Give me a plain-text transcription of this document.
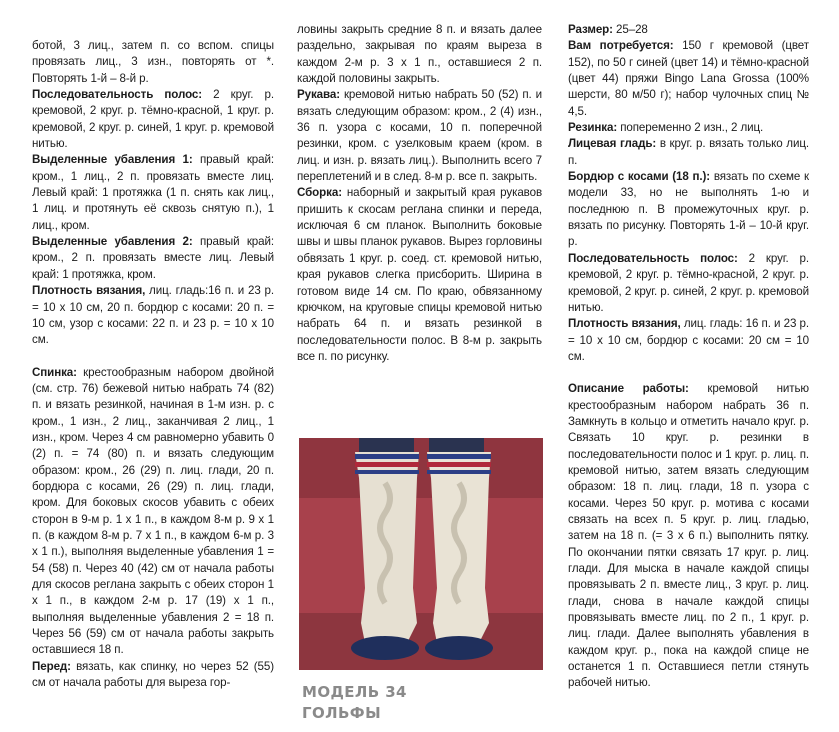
ботой, 3 лиц., затем п. со вспом. спицы провязать лиц., 3 изн., повторять от *. Повторять 1-й – 8-й р.

Последовательность полос: 2 круг. р. кремовой, 2 круг. р. тёмно-красной, 1 круг. р. кремовой, 2 круг. р. синей, 1 круг. р. кремовой нитью.

Выделенные убавления 1: правый край: кром., 1 лиц., 2 п. провязать вместе лиц. Левый край: 1 протяжка (1 п. снять как лиц., 1 лиц. и протянуть её сквозь снятую п.), 1 лиц., кром.

Выделенные убавления 2: правый край: кром., 2 п. провязать вместе лиц. Левый край: 1 протяжка, кром.

Плотность вязания, лиц. гладь:16 п. и 23 р. = 10 х 10 см, 20 п. бордюр с косами: 20 п. = 10 см, узор с косами: 22 п. и 23 р. = 10 х 10 см.

Спинка: крестообразным набором двойной (см. стр. 76) бежевой нитью набрать 74 (82) п. и вязать резинкой, начиная в 1-м изн. р. с кром., 1 изн., 2 лиц., заканчивая 2 лиц., 1 изн., кром. Через 4 см равномерно убавить 0 (2) п. = 74 (80) п. и вязать следующим образом: кром., 26 (29) п. лиц. глади, 20 п. бордюра с косами, 26 (29) п. лиц. глади, кром. Для боковых скосов убавить с обеих сторон в 9-м р. 1 х 1 п., в каждом 8-м р. 9 х 1 п. (в каждом 8-м р. 7 х 1 п., в каждом 6-м р. 3 х 1 п.), выполняя выделенные убавления 1 = 54 (58) п. Через 40 (42) см от начала работы для скосов реглана закрыть с обеих сторон 1 х 1 п., в каждом 2-м р. 17 (19) х 1 п., выполняя выделенные убавления 2 = 18 п. Через 56 (59) см от начала работы закрыть оставшиеся 18 п.

Перед: вязать, как спинку, но через 52 (55) см от начала работы для выреза гор-

ловины закрыть средние 8 п. и вязать далее раздельно, закрывая по краям выреза в каждом 2-м р. 3 х 1 п., оставшиеся 2 п. каждой половины закрыть.

Рукава: кремовой нитью набрать 50 (52) п. и вязать следующим образом: кром., 2 (4) изн., 36 п. узора с косами, 10 п. поперечной резинки, кром. с узелковым краем (кром. в лиц. и изн. р. вязать лиц.). Выполнить всего 7 переплетений и в след. 8-м р. все п. закрыть.

Сборка: наборный и закрытый края рукавов пришить к скосам реглана спинки и переда, исключая 6 см планок. Выполнить боковые швы и швы планок рукавов. Вырез горловины обвязать 1 круг. р. соед. ст. кремовой нитью, края рукавов слегка присборить. Ширина в готовом виде 14 см. По краю, обвязанному крючком, на круговые спицы кремовой нитью набрать 64 п. и вязать резинкой в последовательности полос. В 8-м р. закрыть все п. по рисунку.

МОДЕЛЬ 34
ГОЛЬФЫ

Размер: 25–28

Вам потребуется: 150 г кремовой (цвет 152), по 50 г синей (цвет 14) и тёмно-красной (цвет 44) пряжи Bingo Lana Grossa (100% шерсти, 80 м/50 г); набор чулочных спиц № 4,5.

Резинка: попеременно 2 изн., 2 лиц.

Лицевая гладь: в круг. р. вязать только лиц. п.

Бордюр с косами (18 п.): вязать по схеме к модели 33, но не выполнять 1-ю и последнюю п. В промежуточных круг. р. вязать по рисунку. Повторять 1-й – 10-й круг. р.

Последовательность полос: 2 круг. р. кремовой, 2 круг. р. тёмно-красной, 2 круг. р. кремовой, 2 круг. р. синей, 2 круг. р. кремовой нитью.

Плотность вязания, лиц. гладь: 16 п. и 23 р. = 10 х 10 см, бордюр с косами: 20 см = 10 см.

Описание работы: кремовой нитью крестообразным набором набрать 36 п. Замкнуть в кольцо и отметить начало круг. р. Связать 10 круг. р. резинки в последовательности полос и 1 круг. р. лиц. п. кремовой нитью, затем вязать следующим образом: 18 п. лиц. глади, 18 п. узора с косами. Через 50 круг. р. мотива с косами связать на всех п. 5 круг. р. лиц. гладью, затем на 18 п. (= 3 х 6 п.) выполнить пятку. По окончании пятки связать 17 круг. р. лиц. глади. Для мыска в начале каждой спицы провязывать 2 п. вместе лиц., 3 круг. р. лиц. глади, снова в начале каждой спицы провязывать вместе лиц. по 2 п., 1 круг. р. лиц. глади. Далее выполнять убавления в каждом круг. р., пока на каждой спице не останется 1 п. Оставшиеся петли стянуть рабочей нитью.
